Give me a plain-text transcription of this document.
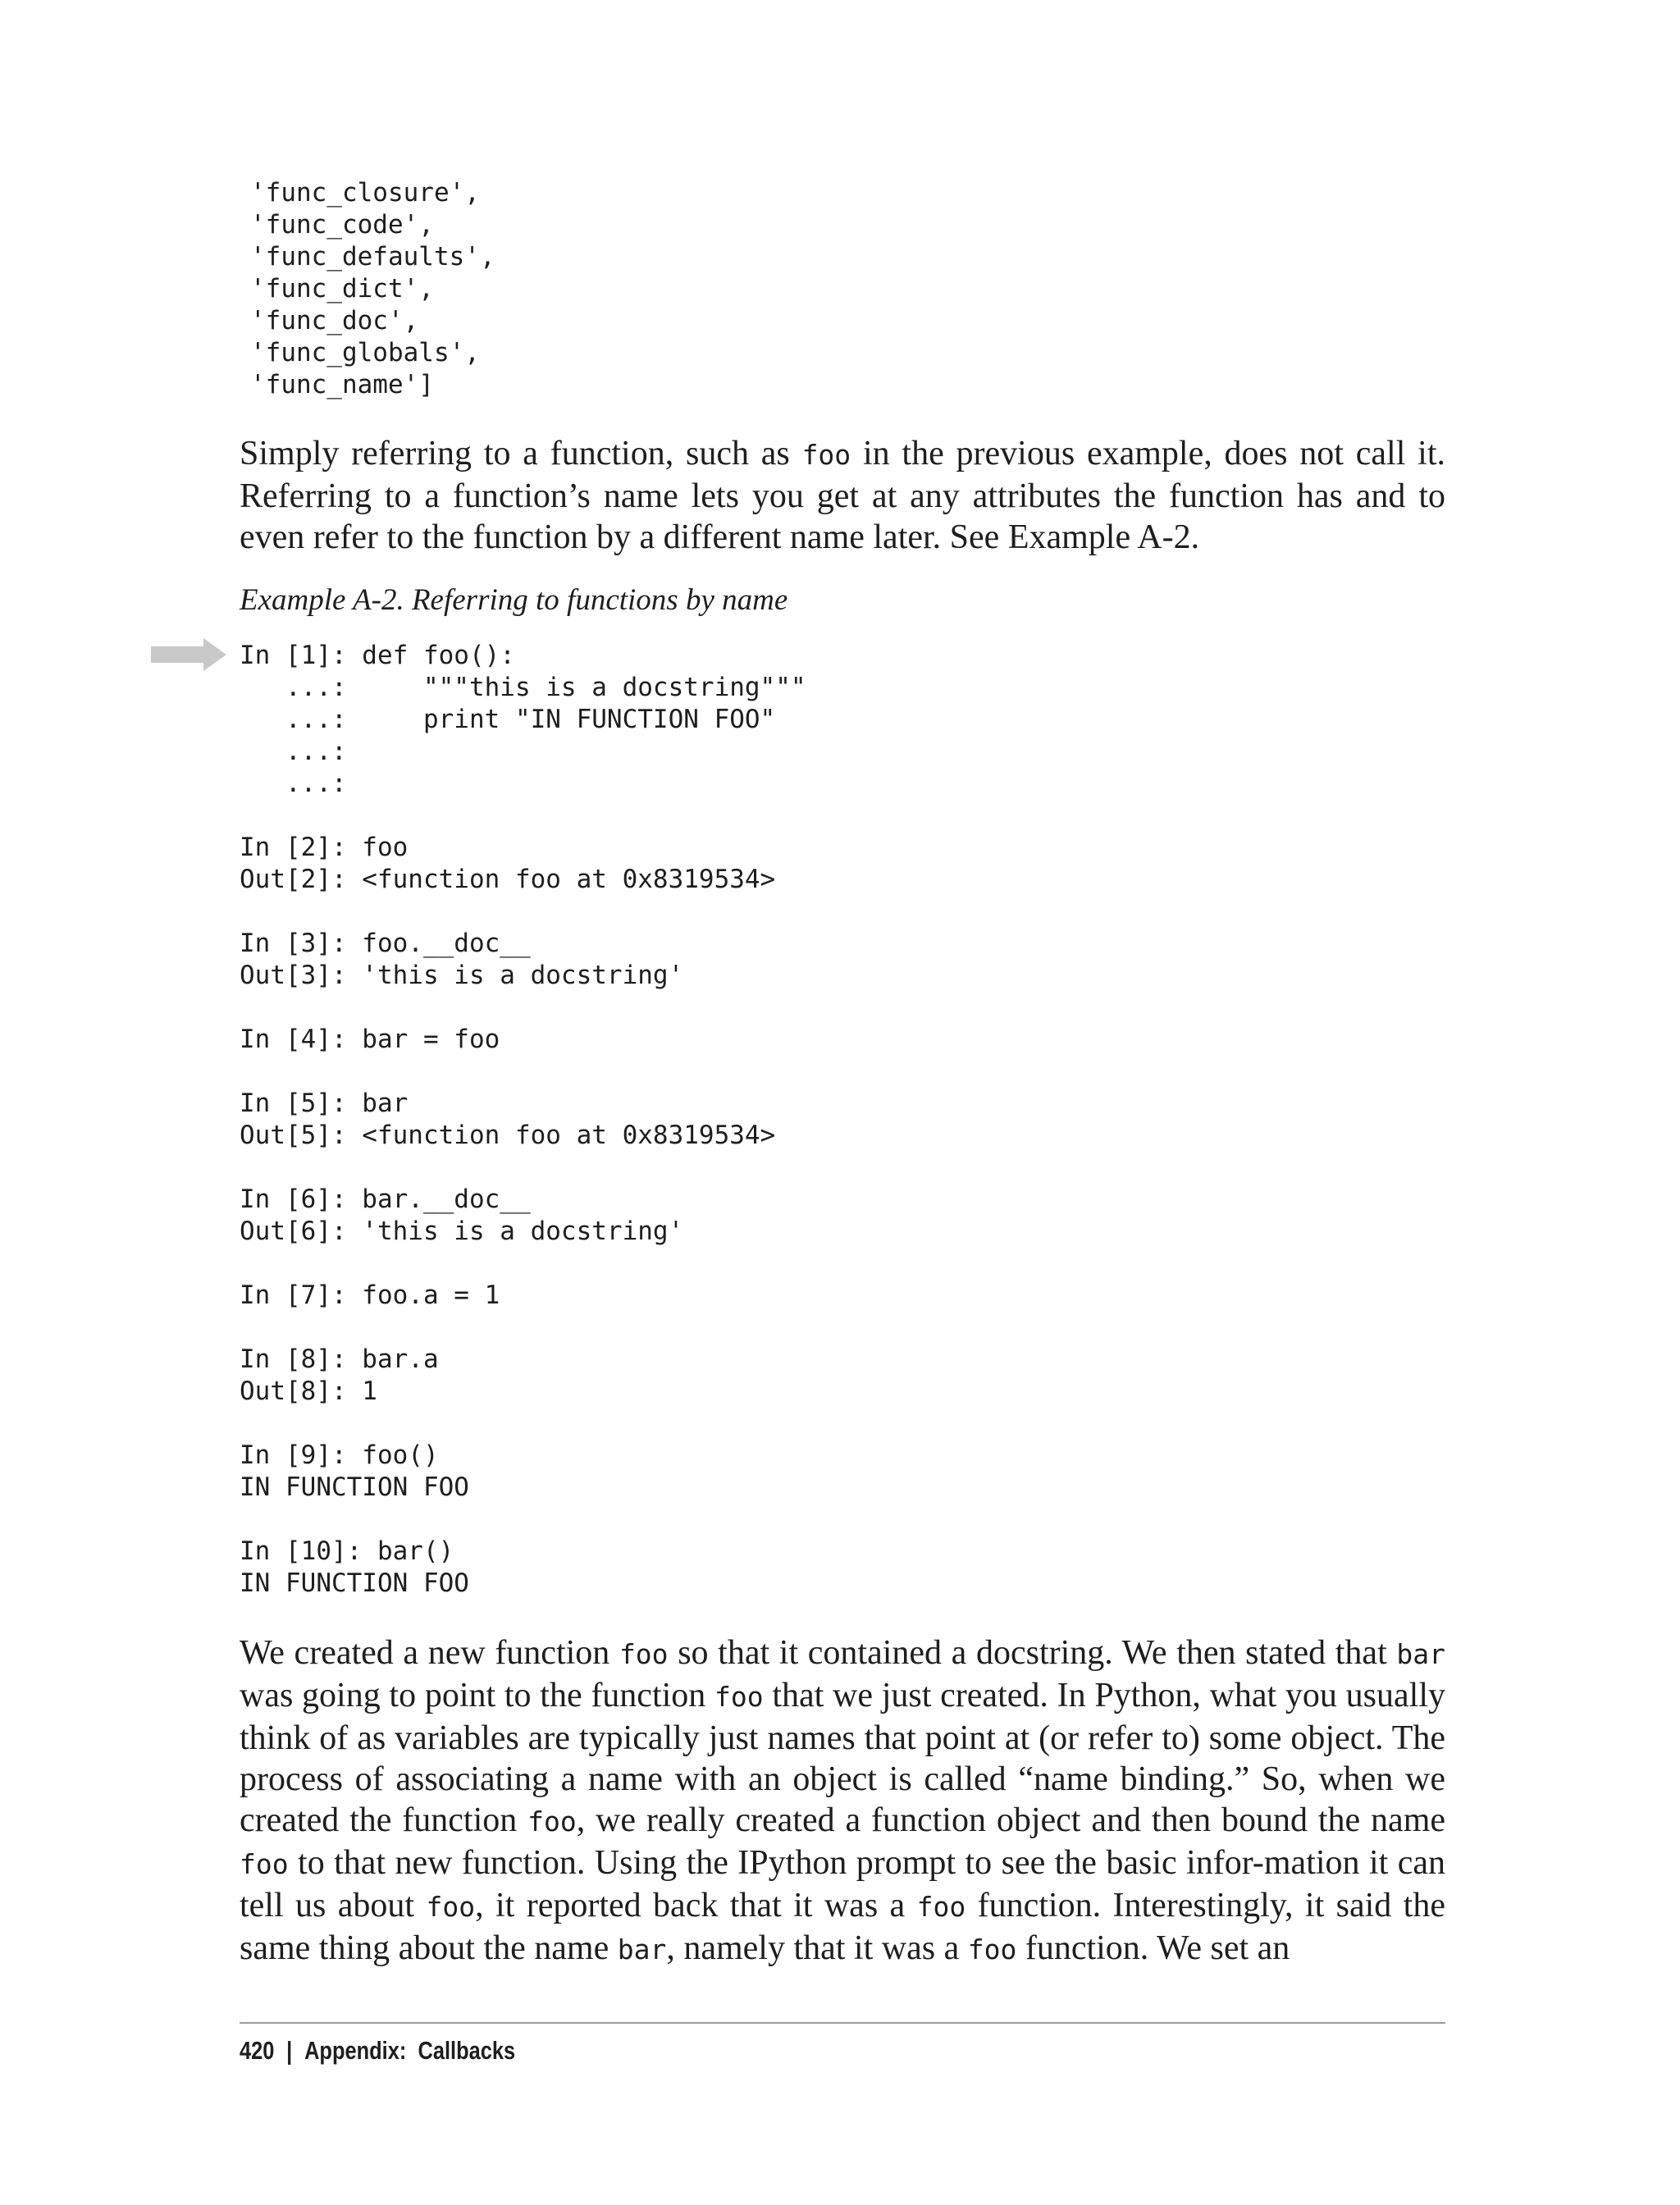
'func_closure',
'func_code',
'func_defaults',
'func_dict',
'func_doc',
'func_globals',
'func_name']

Simply referring to a function, such as foo in the previous example, does not call it. Referring to a function’s name lets you get at any attributes the function has and to even refer to the function by a different name later. See Example A-2.

Example A-2. Referring to functions by name

In [1]: def foo():
...:     """this is a docstring"""
...:     print "IN FUNCTION FOO"
...:
...:

In [2]: foo
Out[2]: <function foo at 0x8319534>

In [3]: foo.__doc__
Out[3]: 'this is a docstring'

In [4]: bar = foo

In [5]: bar
Out[5]: <function foo at 0x8319534>

In [6]: bar.__doc__
Out[6]: 'this is a docstring'

In [7]: foo.a = 1

In [8]: bar.a
Out[8]: 1

In [9]: foo()
IN FUNCTION FOO

In [10]: bar()
IN FUNCTION FOO

We created a new function foo so that it contained a docstring. We then stated that bar was going to point to the function foo that we just created. In Python, what you usually think of as variables are typically just names that point at (or refer to) some object. The process of associating a name with an object is called “name binding.” So, when we created the function foo, we really created a function object and then bound the name foo to that new function. Using the IPython prompt to see the basic infor-mation it can tell us about foo, it reported back that it was a foo function. Interestingly, it said the same thing about the name bar, namely that it was a foo function. We set an

420 | Appendix:  Callbacks
